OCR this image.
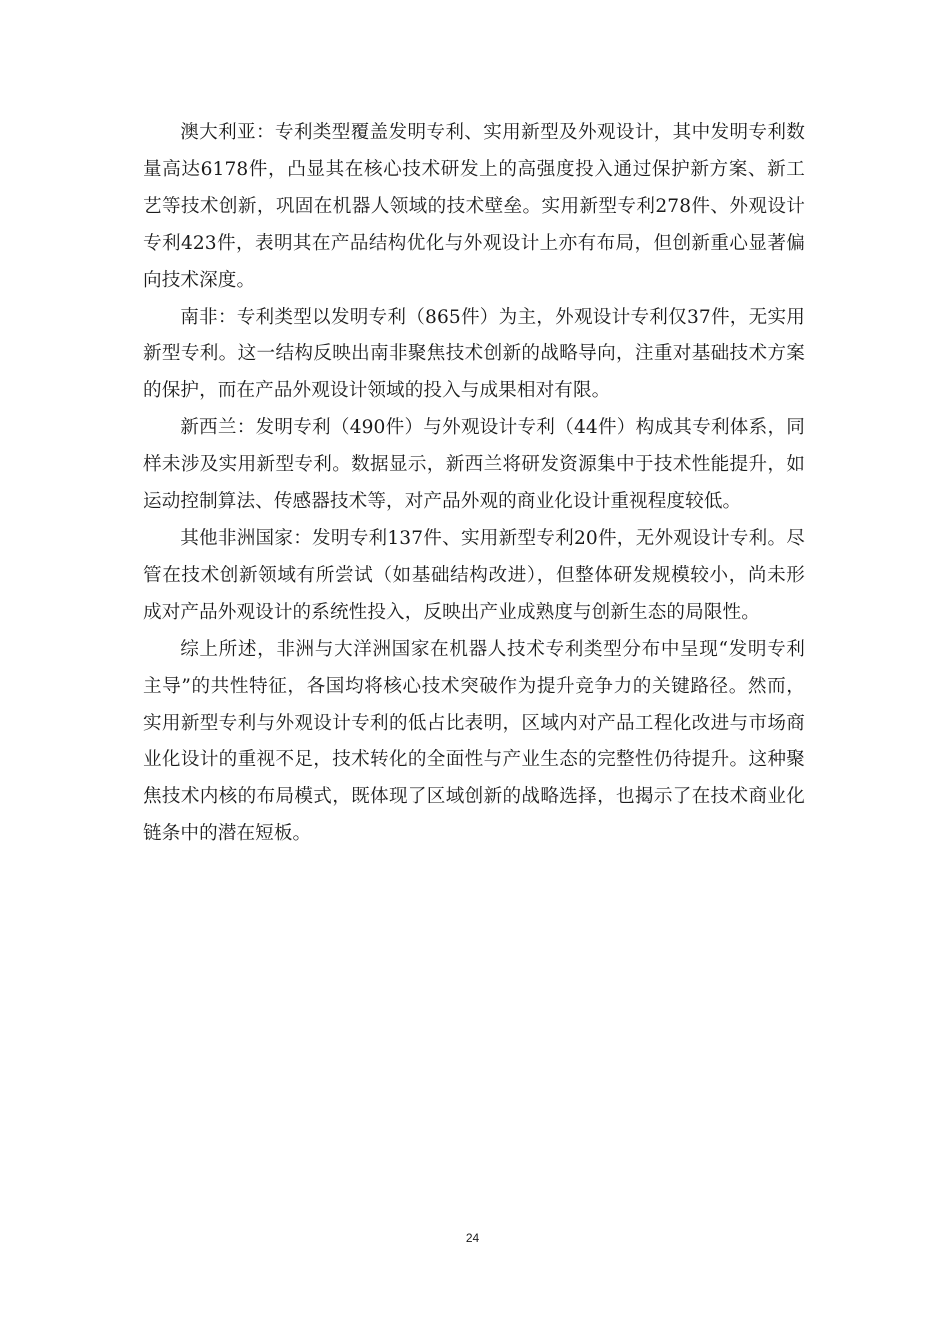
澳大利亚：专利类型覆盖发明专利、实用新型及外观设计，其中发明专利数量高达6178件，凸显其在核心技术研发上的高强度投入通过保护新方案、新工艺等技术创新，巩固在机器人领域的技术壁垒。实用新型专利278件、外观设计专利423件，表明其在产品结构优化与外观设计上亦有布局，但创新重心显著偏向技术深度。

南非：专利类型以发明专利（865件）为主，外观设计专利仅37件，无实用新型专利。这一结构反映出南非聚焦技术创新的战略导向，注重对基础技术方案的保护，而在产品外观设计领域的投入与成果相对有限。

新西兰：发明专利（490件）与外观设计专利（44件）构成其专利体系，同样未涉及实用新型专利。数据显示，新西兰将研发资源集中于技术性能提升，如运动控制算法、传感器技术等，对产品外观的商业化设计重视程度较低。

其他非洲国家：发明专利137件、实用新型专利20件，无外观设计专利。尽管在技术创新领域有所尝试（如基础结构改进），但整体研发规模较小，尚未形成对产品外观设计的系统性投入，反映出产业成熟度与创新生态的局限性。

综上所述，非洲与大洋洲国家在机器人技术专利类型分布中呈现“发明专利主导”的共性特征，各国均将核心技术突破作为提升竞争力的关键路径。然而，实用新型专利与外观设计专利的低占比表明，区域内对产品工程化改进与市场商业化设计的重视不足，技术转化的全面性与产业生态的完整性仍待提升。这种聚焦技术内核的布局模式，既体现了区域创新的战略选择，也揭示了在技术商业化链条中的潜在短板。

24
